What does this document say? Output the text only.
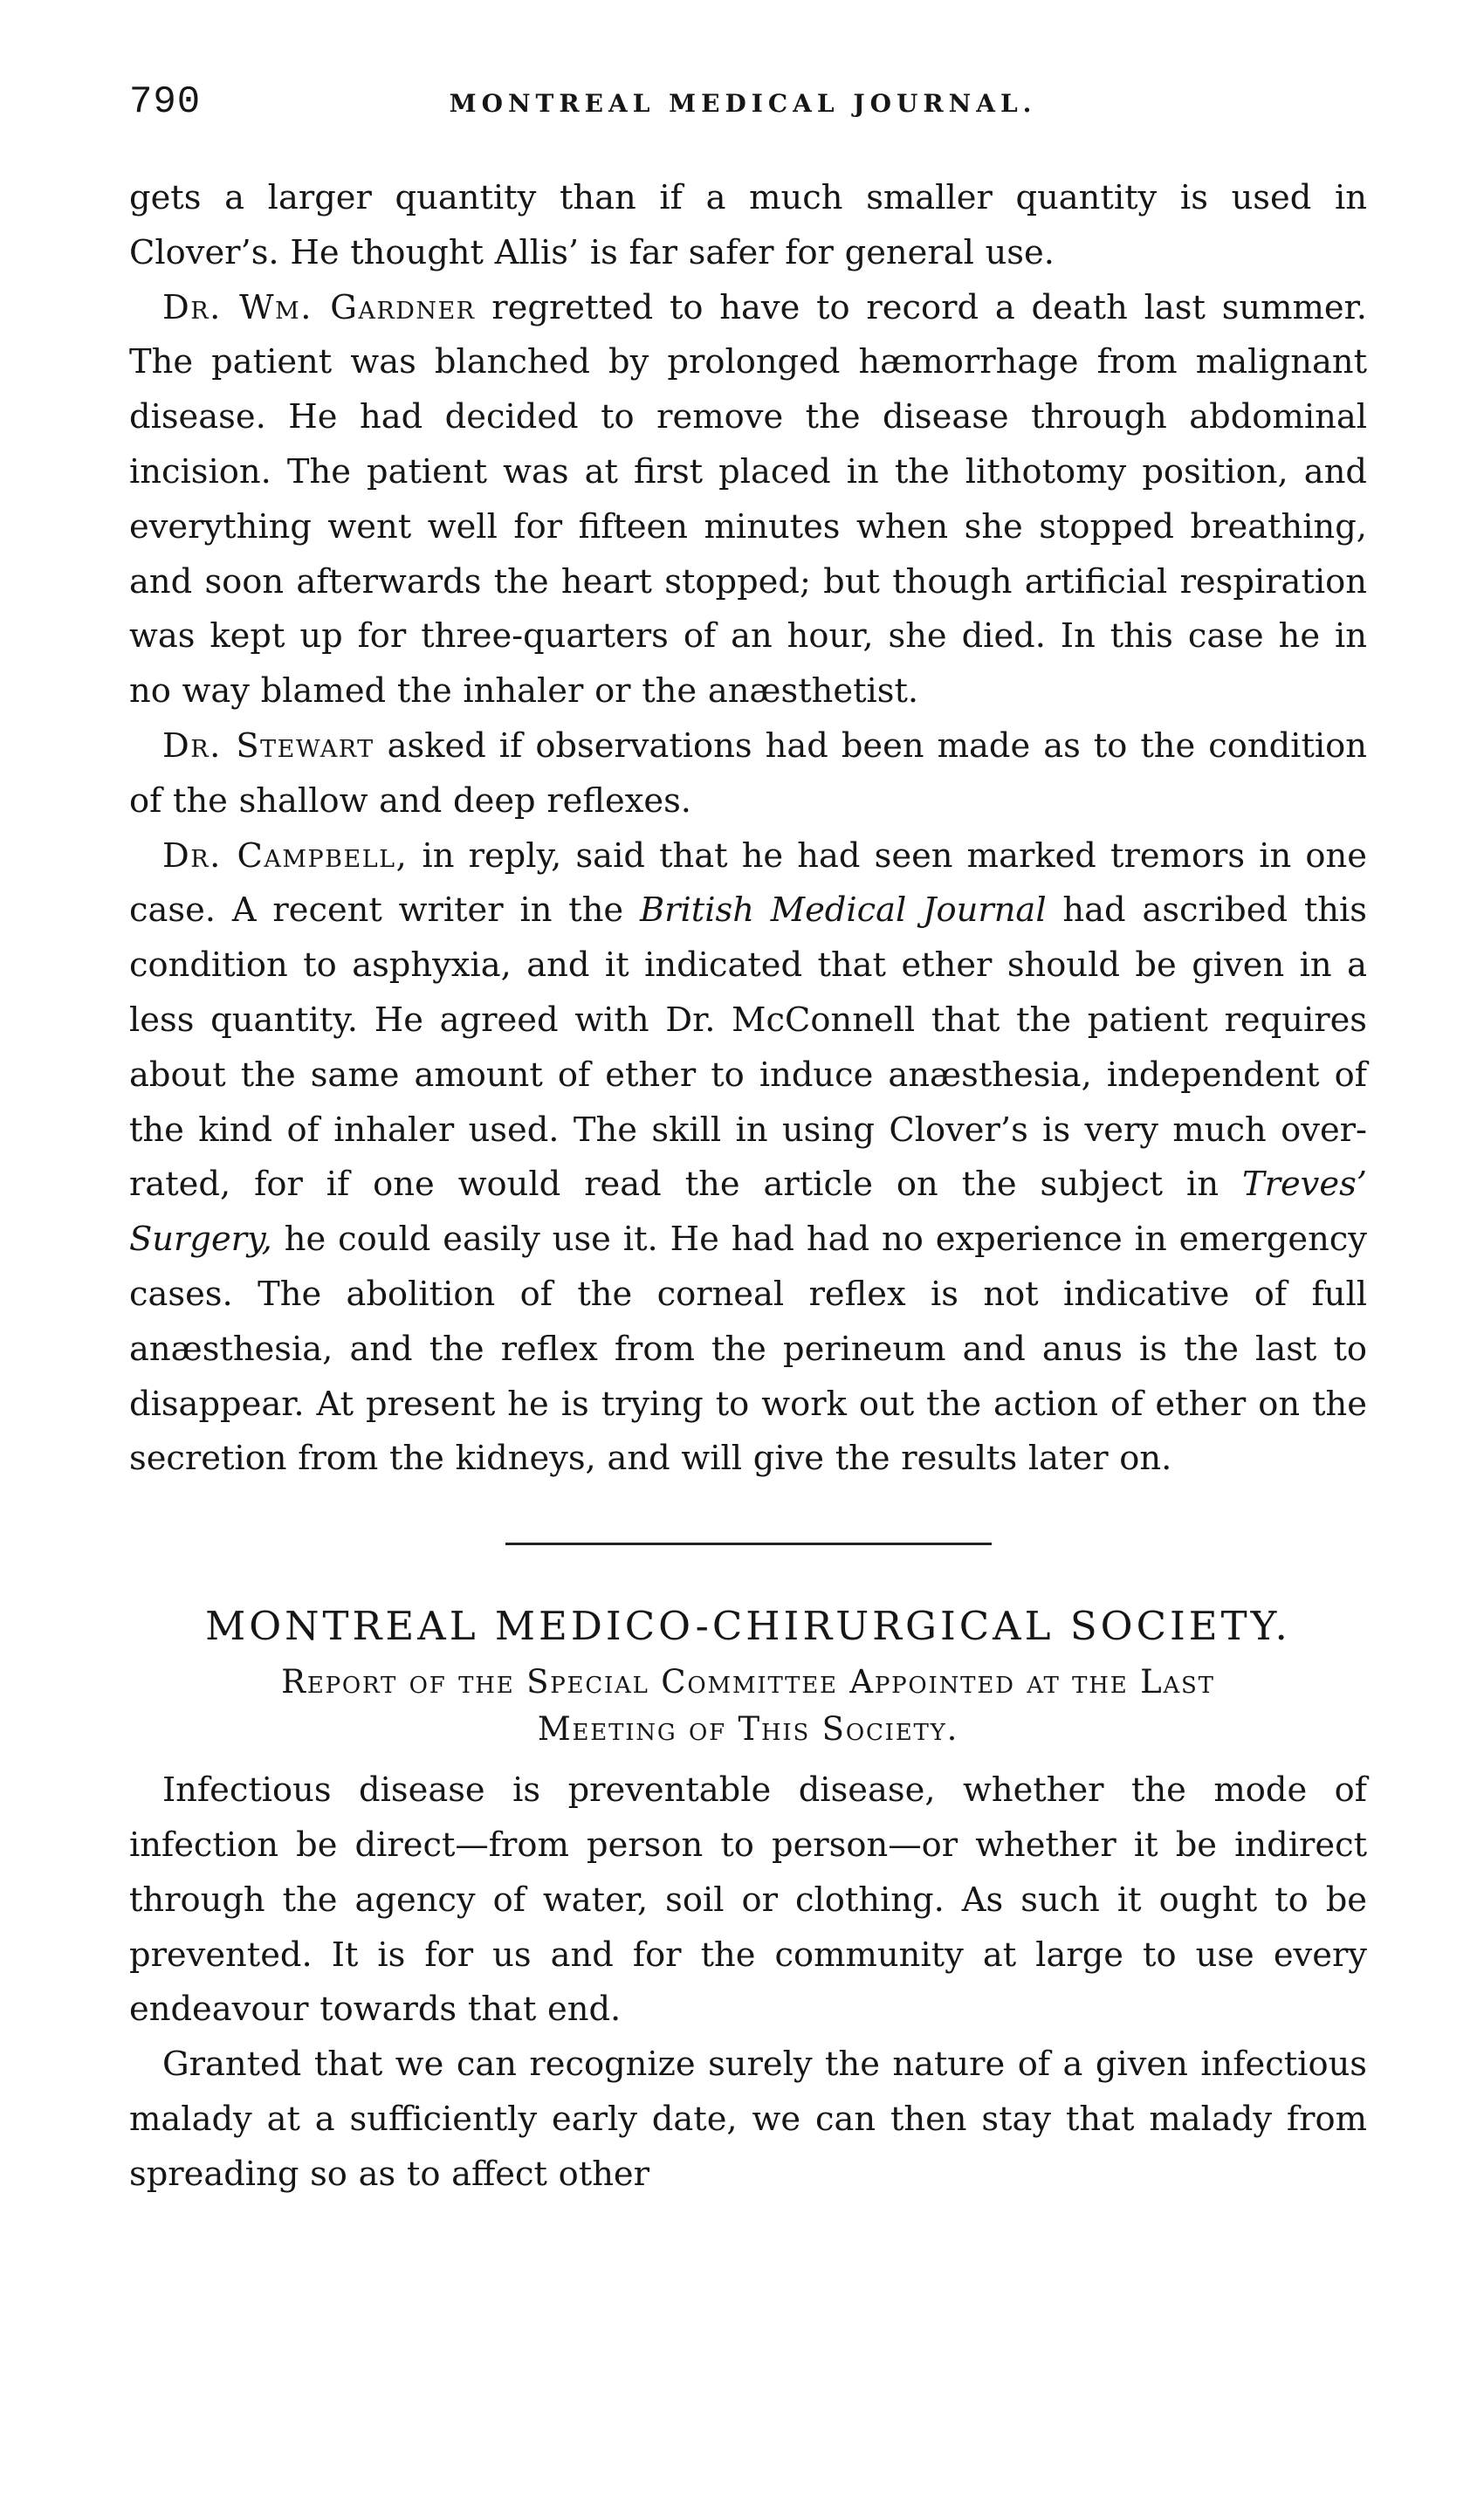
790	MONTREAL MEDICAL JOURNAL.

gets a larger quantity than if a much smaller quantity is used in Clover’s. He thought Allis’ is far safer for general use.

Dr. Wm. Gardner regretted to have to record a death last summer. The patient was blanched by prolonged hæmorrhage from malignant disease. He had decided to remove the disease through abdominal incision. The patient was at first placed in the lithotomy position, and everything went well for fifteen minutes when she stopped breathing, and soon afterwards the heart stopped; but though artificial respiration was kept up for three-quarters of an hour, she died. In this case he in no way blamed the inhaler or the anæsthetist.

Dr. Stewart asked if observations had been made as to the condition of the shallow and deep reflexes.

Dr. Campbell, in reply, said that he had seen marked tremors in one case. A recent writer in the British Medical Journal had ascribed this condition to asphyxia, and it indicated that ether should be given in a less quantity. He agreed with Dr. McConnell that the patient requires about the same amount of ether to induce anæsthesia, independent of the kind of inhaler used. The skill in using Clover’s is very much over-rated, for if one would read the article on the subject in Treves’ Surgery, he could easily use it. He had had no experience in emergency cases. The abolition of the corneal reflex is not indicative of full anæsthesia, and the reflex from the perineum and anus is the last to disappear. At present he is trying to work out the action of ether on the secretion from the kidneys, and will give the results later on.

MONTREAL MEDICO-CHIRURGICAL SOCIETY.
Report of the Special Committee Appointed at the Last
Meeting of This Society.

Infectious disease is preventable disease, whether the mode of infection be direct—from person to person—or whether it be indirect through the agency of water, soil or clothing. As such it ought to be prevented. It is for us and for the community at large to use every endeavour towards that end.

Granted that we can recognize surely the nature of a given infectious malady at a sufficiently early date, we can then stay that malady from spreading so as to affect other
